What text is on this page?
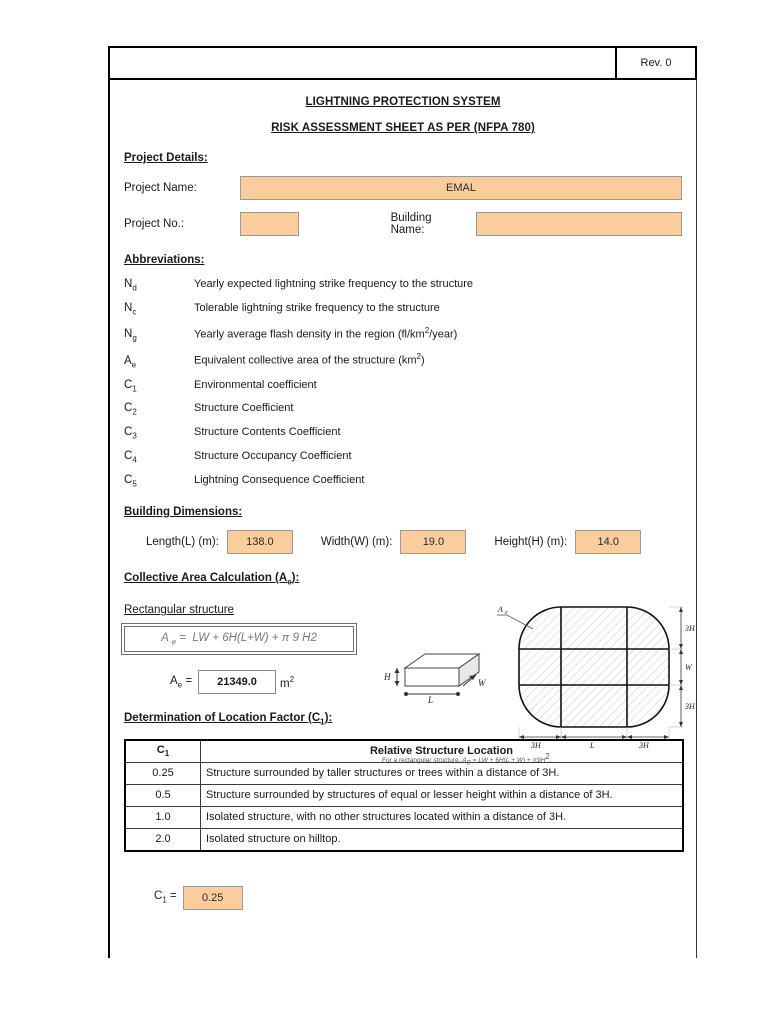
Rev. 0
LIGHTNING PROTECTION SYSTEM
RISK ASSESSMENT SHEET AS PER (NFPA 780)
Project Details:
Project Name:	EMAL
Project No.:	Building Name:
Abbreviations:
$N_d$	Yearly expected lightning strike frequency to the structure
$N_c$	Tolerable lightning strike frequency to the structure
$N_g$	Yearly average flash density in the region $(fl/km^2/year)$
$A_e$	Equivalent collective area of the structure $(km^2)$
$C_1$	Environmental coefficient
$C_2$	Structure Coefficient
$C_3$	Structure Contents Coefficient
$C_4$	Structure Occupancy Coefficient
$C_5$	Lightning Consequence Coefficient
Building Dimensions:
Length(L) (m):	138.0	Width(W) (m):	19.0	Height(H) (m):	14.0
Collective Area Calculation $(A_e)$:
Rectangular structure
A $_e$ =  LW + 6H(L+W) + π 9 H2
$A_e$ =	21349.0	$m^2$	H
L
W
A e
3H
W
3H
3H	L	3H
For a rectangular structure, $A_e$ = LW + $6H(L + W) + \pi 9H^2$.
Determination of Location Factor $(C_1)$:
$C_1$	Relative Structure Location
0.25	Structure surrounded by taller structures or trees within a distance of 3H.
0.5	Structure surrounded by structures of equal or lesser height within a distance of 3H.
1.0	Isolated structure, with no other structures located within a distance of 3H.
2.0	Isolated structure on hilltop.
$C_1$ =	0.25
